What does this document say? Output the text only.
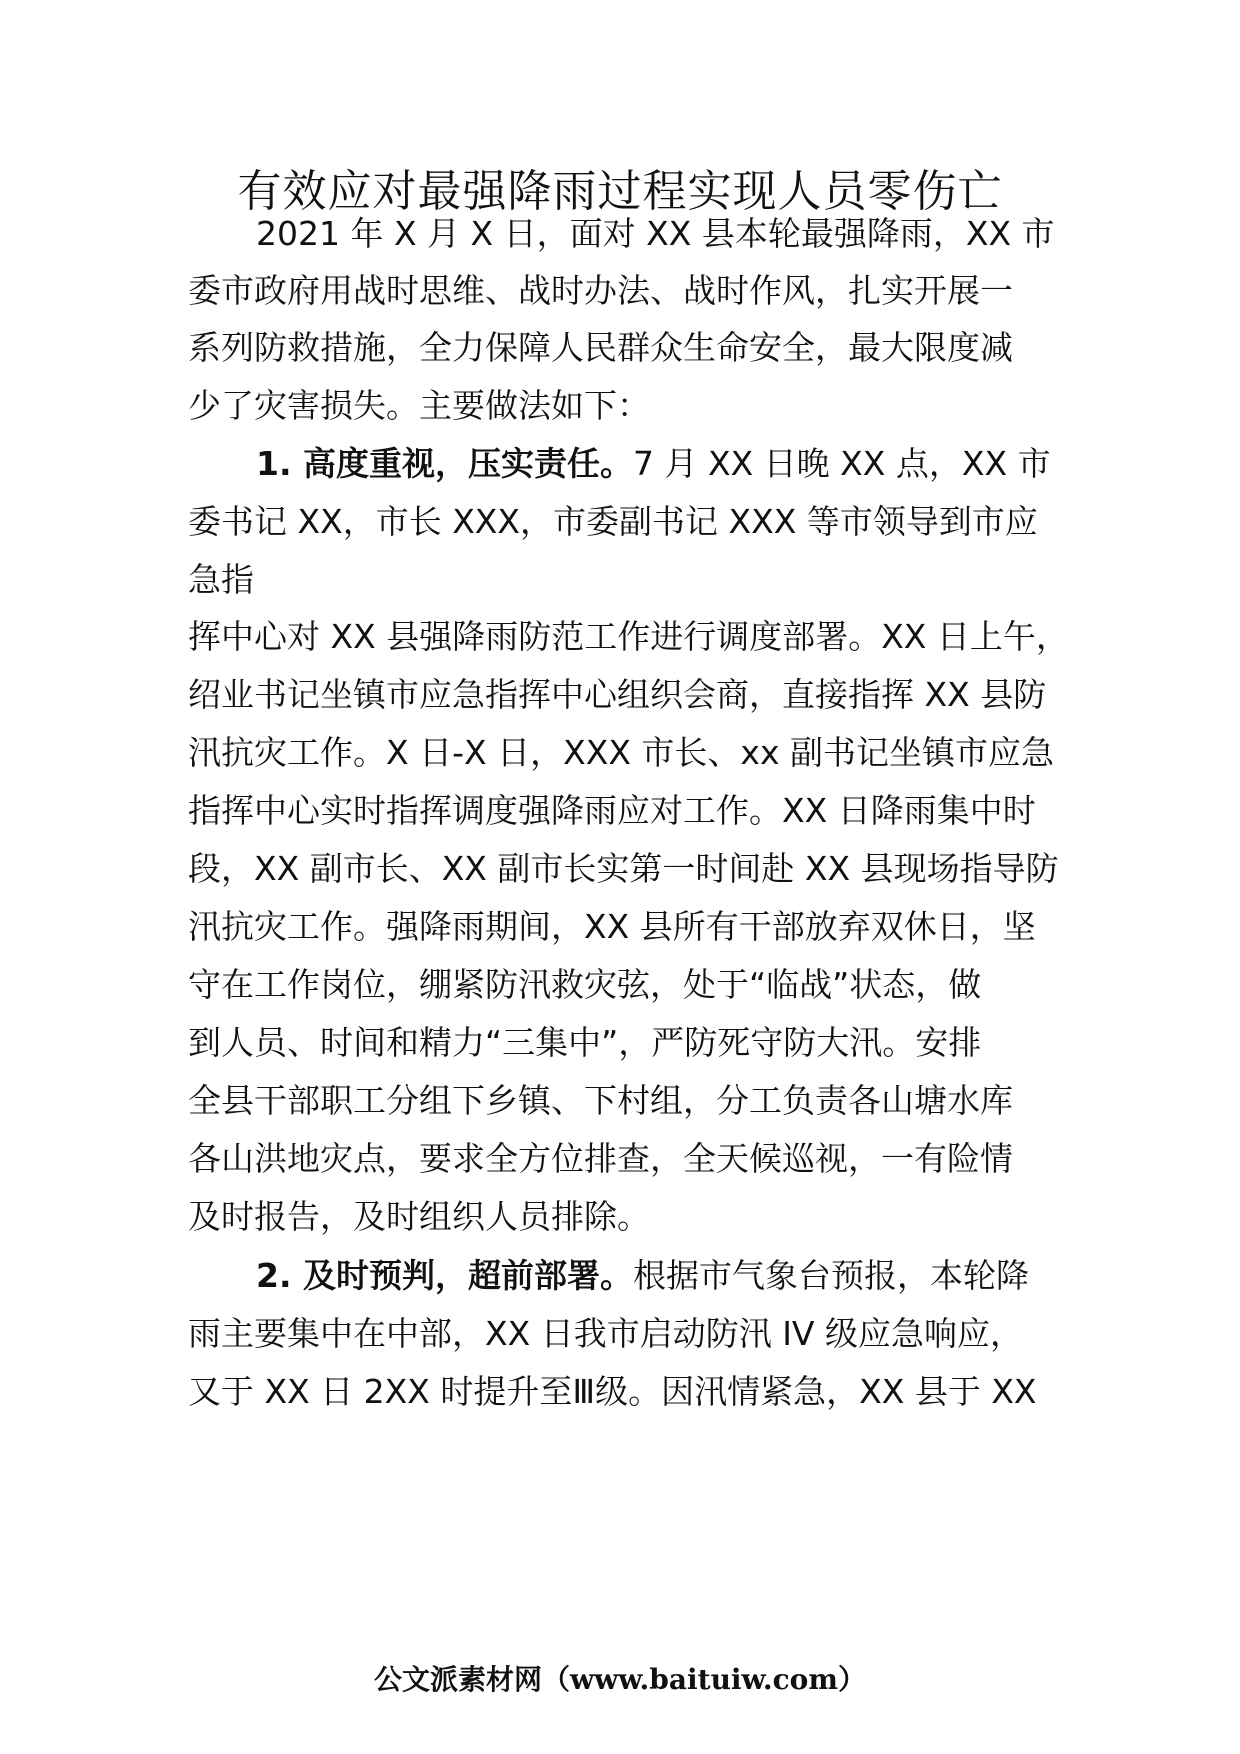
有效应对最强降雨过程实现人员零伤亡

2021 年 X 月 X 日，面对 XX 县本轮最强降雨，XX 市

委市政府用战时思维、战时办法、战时作风，扎实开展一

系列防救措施，全力保障人民群众生命安全，最大限度减

少了灾害损失。主要做法如下：

1. 高度重视，压实责任。7 月 XX 日晚 XX 点，XX 市

委书记 XX，市长 XXX，市委副书记 XXX 等市领导到市应

急指

挥中心对 XX 县强降雨防范工作进行调度部署。XX 日上午，

绍业书记坐镇市应急指挥中心组织会商，直接指挥 XX 县防

汛抗灾工作。X 日-X 日，XXX 市长、xx 副书记坐镇市应急

指挥中心实时指挥调度强降雨应对工作。XX 日降雨集中时

段，XX 副市长、XX 副市长实第一时间赴 XX 县现场指导防

汛抗灾工作。强降雨期间，XX 县所有干部放弃双休日，坚

守在工作岗位，绷紧防汛救灾弦，处于“临战”状态，做

到人员、时间和精力“三集中”，严防死守防大汛。安排

全县干部职工分组下乡镇、下村组，分工负责各山塘水库

各山洪地灾点，要求全方位排查，全天候巡视，一有险情

及时报告，及时组织人员排除。

2. 及时预判，超前部署。根据市气象台预报，本轮降

雨主要集中在中部，XX 日我市启动防汛 IV 级应急响应，

又于 XX 日 2XX 时提升至Ⅲ级。因汛情紧急，XX 县于 XX

公文派素材网（www.baituiw.com）
